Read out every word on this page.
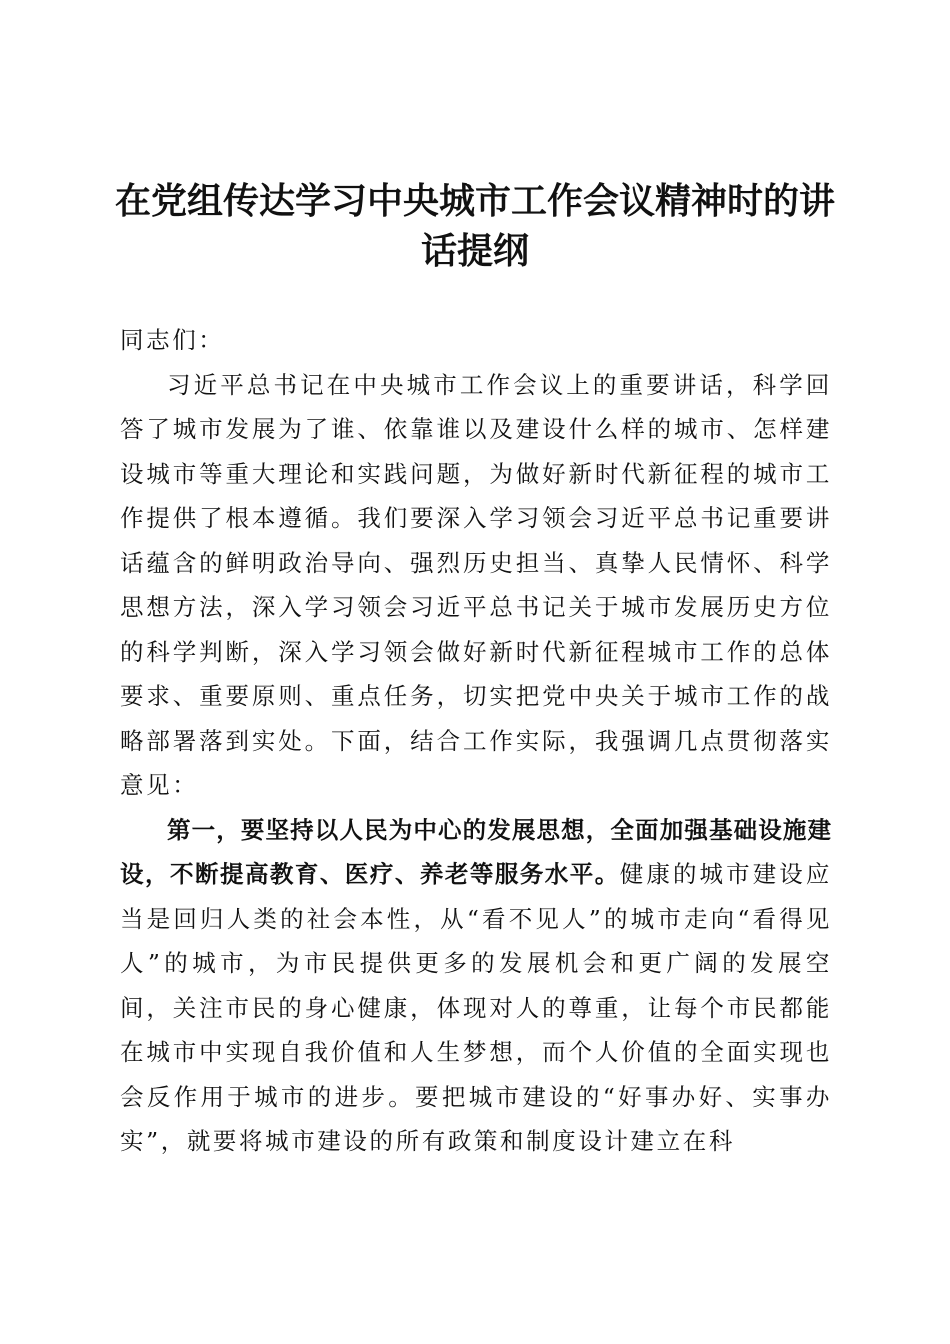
在党组传达学习中央城市工作会议精神时的讲话提纲

同志们：

习近平总书记在中央城市工作会议上的重要讲话，科学回答了城市发展为了谁、依靠谁以及建设什么样的城市、怎样建设城市等重大理论和实践问题，为做好新时代新征程的城市工作提供了根本遵循。我们要深入学习领会习近平总书记重要讲话蕴含的鲜明政治导向、强烈历史担当、真挚人民情怀、科学思想方法，深入学习领会习近平总书记关于城市发展历史方位的科学判断，深入学习领会做好新时代新征程城市工作的总体要求、重要原则、重点任务，切实把党中央关于城市工作的战略部署落到实处。下面，结合工作实际，我强调几点贯彻落实意见：

第一，要坚持以人民为中心的发展思想，全面加强基础设施建设，不断提高教育、医疗、养老等服务水平。健康的城市建设应当是回归人类的社会本性，从“看不见人”的城市走向“看得见人”的城市，为市民提供更多的发展机会和更广阔的发展空间，关注市民的身心健康，体现对人的尊重，让每个市民都能在城市中实现自我价值和人生梦想，而个人价值的全面实现也会反作用于城市的进步。要把城市建设的“好事办好、实事办实”，就要将城市建设的所有政策和制度设计建立在科
